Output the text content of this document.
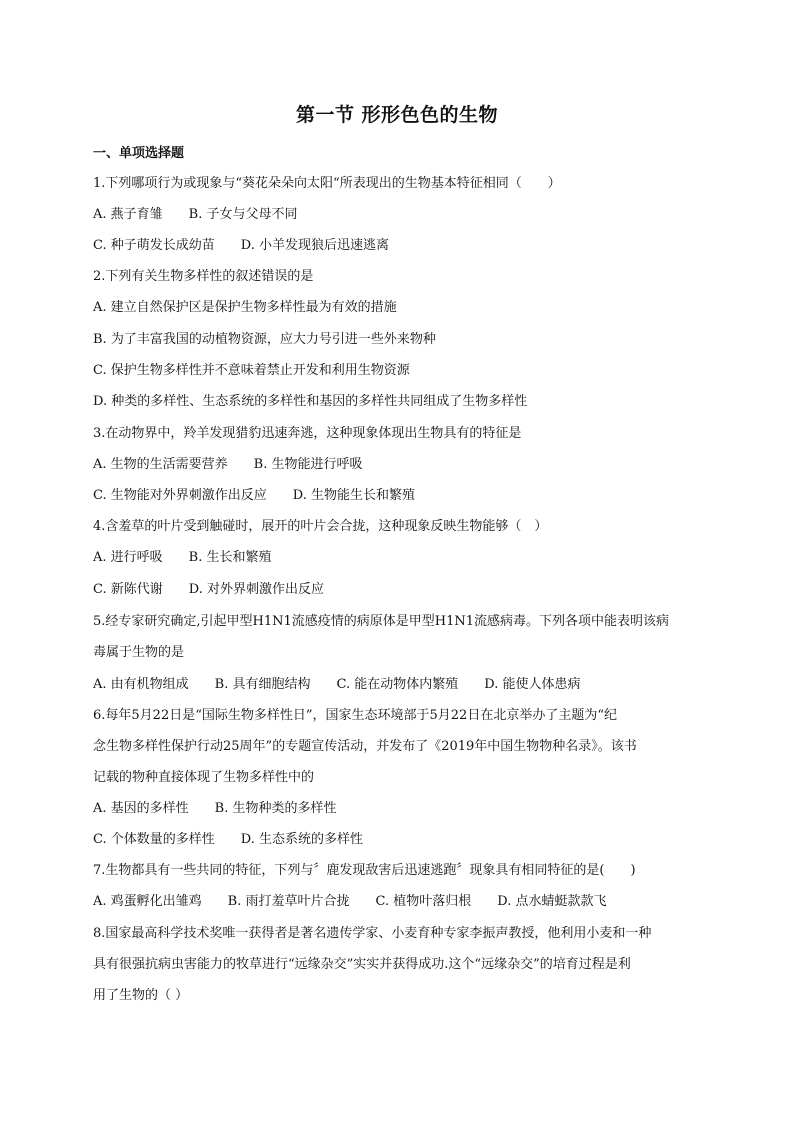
第一节 形形色色的生物
一、单项选择题
1.下列哪项行为或现象与“葵花朵朵向太阳“所表现出的生物基本特征相同（　　）
A. 燕子育雏 B. 子女与父母不同
C. 种子萌发长成幼苗 D. 小羊发现狼后迅速逃离
2.下列有关生物多样性的叙述错误的是
A. 建立自然保护区是保护生物多样性最为有效的措施
B. 为了丰富我国的动植物资源，应大力号引进一些外来物种
C. 保护生物多样性并不意味着禁止开发和利用生物资源
D. 种类的多样性、生态系统的多样性和基因的多样性共同组成了生物多样性
3.在动物界中，羚羊发现猎豹迅速奔逃，这种现象体现出生物具有的特征是
A. 生物的生活需要营养 B. 生物能进行呼吸
C. 生物能对外界刺激作出反应 D. 生物能生长和繁殖
4.含羞草的叶片受到触碰时，展开的叶片会合拢，这种现象反映生物能够（　）
A. 进行呼吸 B. 生长和繁殖
C. 新陈代谢 D. 对外界刺激作出反应
5.经专家研究确定,引起甲型H1N1流感疫情的病原体是甲型H1N1流感病毒。下列各项中能表明该病
毒属于生物的是
A. 由有机物组成 B. 具有细胞结构 C. 能在动物体内繁殖 D. 能使人体患病
6.每年5月22日是“国际生物多样性日”，国家生态环境部于5月22日在北京举办了主题为“纪
念生物多样性保护行动25周年”的专题宣传活动，并发布了《2019年中国生物物种名录》。该书
记载的物种直接体现了生物多样性中的
A. 基因的多样性 B. 生物种类的多样性
C. 个体数量的多样性 D. 生态系统的多样性
7.生物都具有一些共同的特征，下列与〞鹿发现敌害后迅速逃跑〞现象具有相同特征的是(　　)
A. 鸡蛋孵化出雏鸡 B. 雨打羞草叶片合拢 C. 植物叶落归根 D. 点水蜻蜓款款飞
8.国家最高科学技术奖唯一获得者是著名遗传学家、小麦育种专家李振声教授，他利用小麦和一种
具有很强抗病虫害能力的牧草进行“远缘杂交”实实并获得成功.这个“远缘杂交”的培育过程是利
用了生物的（ ）
